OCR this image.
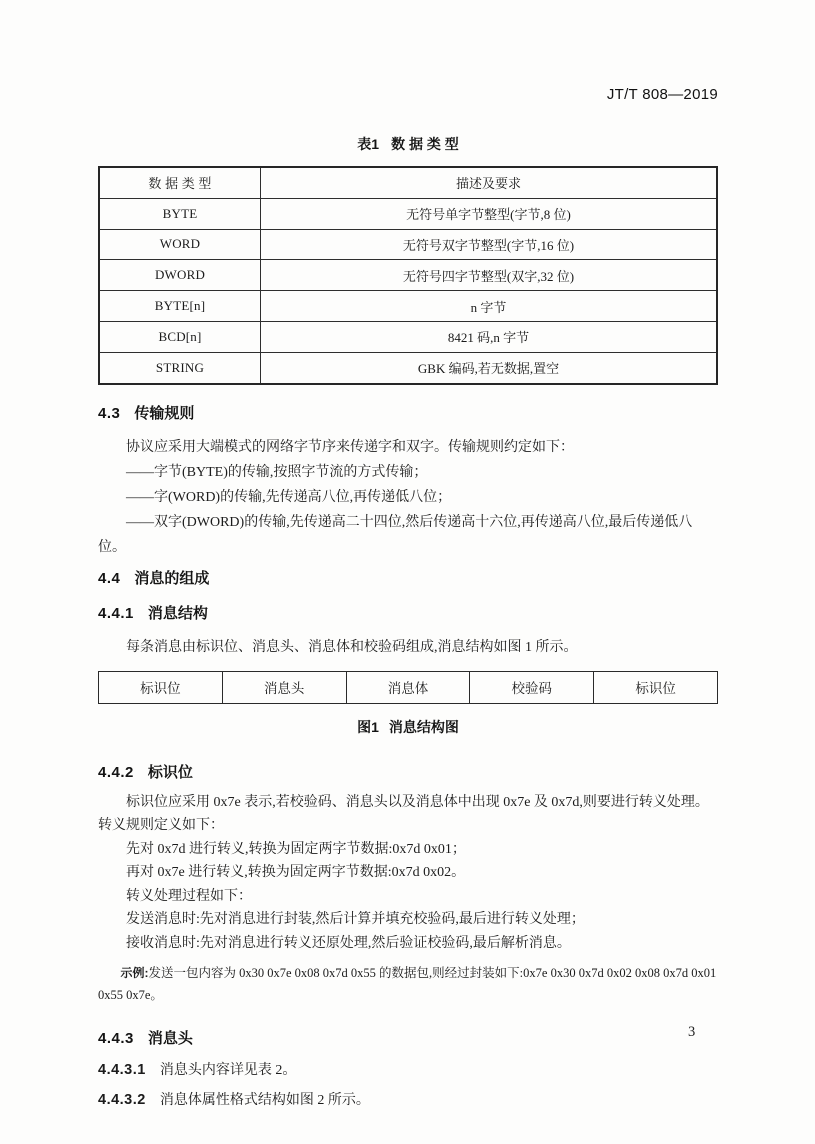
JT/T 808—2019
表1 数 据 类 型
数 据 类 型	描述及要求
BYTE	无符号单字节整型(字节,8 位)
WORD	无符号双字节整型(字节,16 位)
DWORD	无符号四字节整型(双字,32 位)
BYTE[n]	n 字节
BCD[n]	8421 码,n 字节
STRING	GBK 编码,若无数据,置空
4.3 传输规则

协议应采用大端模式的网络字节序来传递字和双字。传输规则约定如下：

——字节(BYTE)的传输,按照字节流的方式传输；

——字(WORD)的传输,先传递高八位,再传递低八位；

——双字(DWORD)的传输,先传递高二十四位,然后传递高十六位,再传递高八位,最后传递低八位。

4.4 消息的组成
4.4.1 消息结构

每条消息由标识位、消息头、消息体和校验码组成,消息结构如图 1 所示。

标识位	消息头	消息体	校验码	标识位
图1 消息结构图
4.4.2 标识位

标识位应采用 0x7e 表示,若校验码、消息头以及消息体中出现 0x7e 及 0x7d,则要进行转义处理。转义规则定义如下：

先对 0x7d 进行转义,转换为固定两字节数据:0x7d 0x01；

再对 0x7e 进行转义,转换为固定两字节数据:0x7d 0x02。

转义处理过程如下：

发送消息时:先对消息进行封装,然后计算并填充校验码,最后进行转义处理；

接收消息时:先对消息进行转义还原处理,然后验证校验码,最后解析消息。

示例:发送一包内容为 0x30 0x7e 0x08 0x7d 0x55 的数据包,则经过封装如下:0x7e 0x30 0x7d 0x02 0x08 0x7d 0x01 0x55 0x7e。

4.4.3 消息头

4.4.3.1 消息头内容详见表 2。

4.4.3.2 消息体属性格式结构如图 2 所示。

3
